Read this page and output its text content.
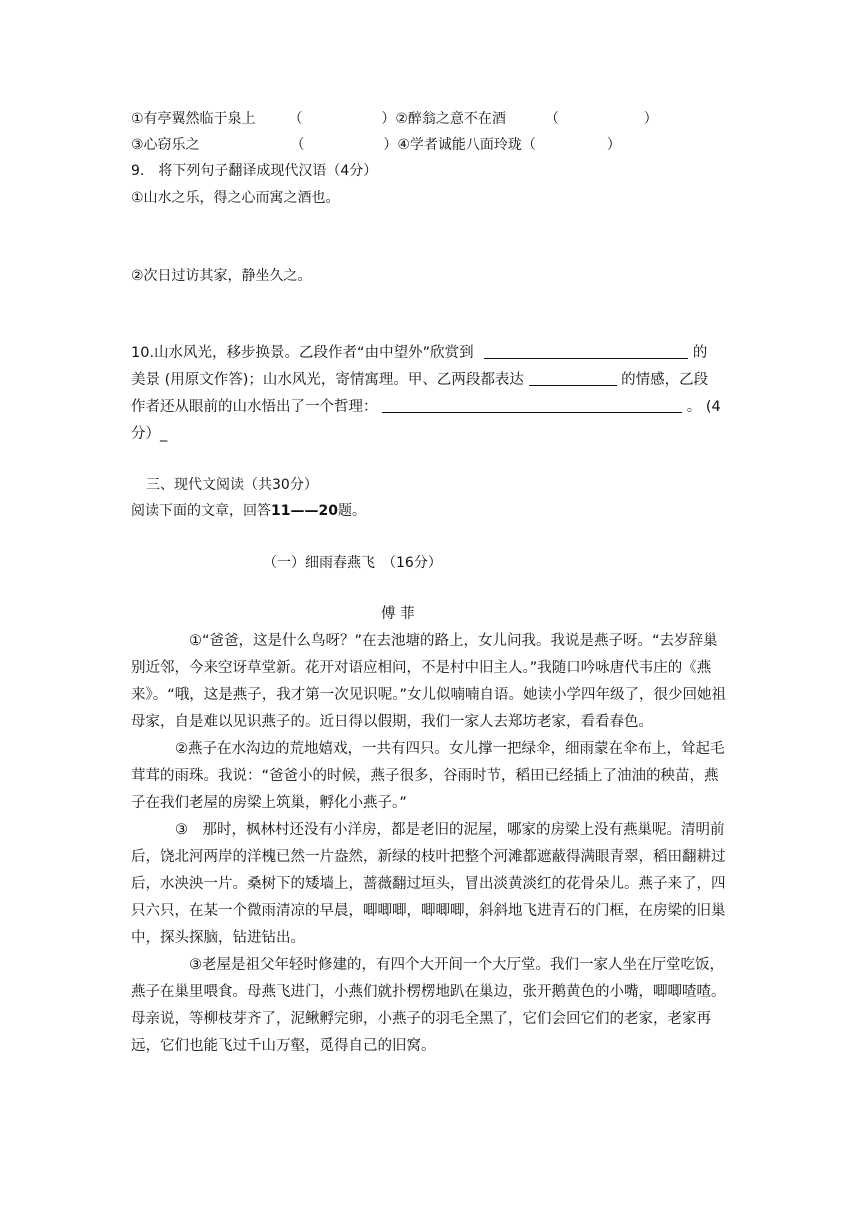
①有亭翼然临于泉上 （	）②醉翁之意不在酒	（	）
③心窃乐之	（	）④学者诚能八面玲珑（	）
9.　将下列句子翻译成现代汉语（4分）
①山水之乐，得之心而寓之酒也。
②次日过访其家，静坐久之。
10.山水风光，移步换景。乙段作者“由中望外”欣赏到	的
美景 (用原文作答)；山水风光，寄情寓理。甲、乙两段都表达	的情感，乙段
作者还从眼前的山水悟出了一个哲理：	。 (4
分）_
三、现代文阅读（共30分）
阅读下面的文章，回答11——20题。
（一）细雨春燕飞　（16分）
傅 菲
①“爸爸，这是什么鸟呀？”在去池塘的路上，女儿问我。我说是燕子呀。“去岁辞巢别近邻，今来空讶草堂新。花开对语应相问，不是村中旧主人。”我随口吟咏唐代韦庄的《燕来》。“哦，这是燕子，我才第一次见识呢。”女儿似喃喃自语。她读小学四年级了，很少回她祖母家，自是难以见识燕子的。近日得以假期，我们一家人去郑坊老家，看看春色。
②燕子在水沟边的荒地嬉戏，一共有四只。女儿撑一把绿伞，细雨蒙在伞布上，耸起毛茸茸的雨珠。我说：“爸爸小的时候，燕子很多，谷雨时节，稻田已经插上了油油的秧苗，燕子在我们老屋的房梁上筑巢，孵化小燕子。”
③　那时，枫林村还没有小洋房，都是老旧的泥屋，哪家的房梁上没有燕巢呢。清明前后，饶北河两岸的洋槐已然一片盎然，新绿的枝叶把整个河滩都遮蔽得满眼青翠，稻田翻耕过后，水泱泱一片。桑树下的矮墙上，蔷薇翻过垣头，冒出淡黄淡红的花骨朵儿。燕子来了，四只六只，在某一个微雨清凉的早晨，唧唧唧，唧唧唧，斜斜地飞进青石的门框，在房梁的旧巢中，探头探脑，钻进钻出。
③老屋是祖父年轻时修建的，有四个大开间一个大厅堂。我们一家人坐在厅堂吃饭，燕子在巢里喂食。母燕飞进门，小燕们就扑楞楞地趴在巢边，张开鹅黄色的小嘴，唧唧喳喳。母亲说，等柳枝芽齐了，泥鳅孵完卵，小燕子的羽毛全黑了，它们会回它们的老家，老家再远，它们也能飞过千山万壑，觅得自己的旧窝。
